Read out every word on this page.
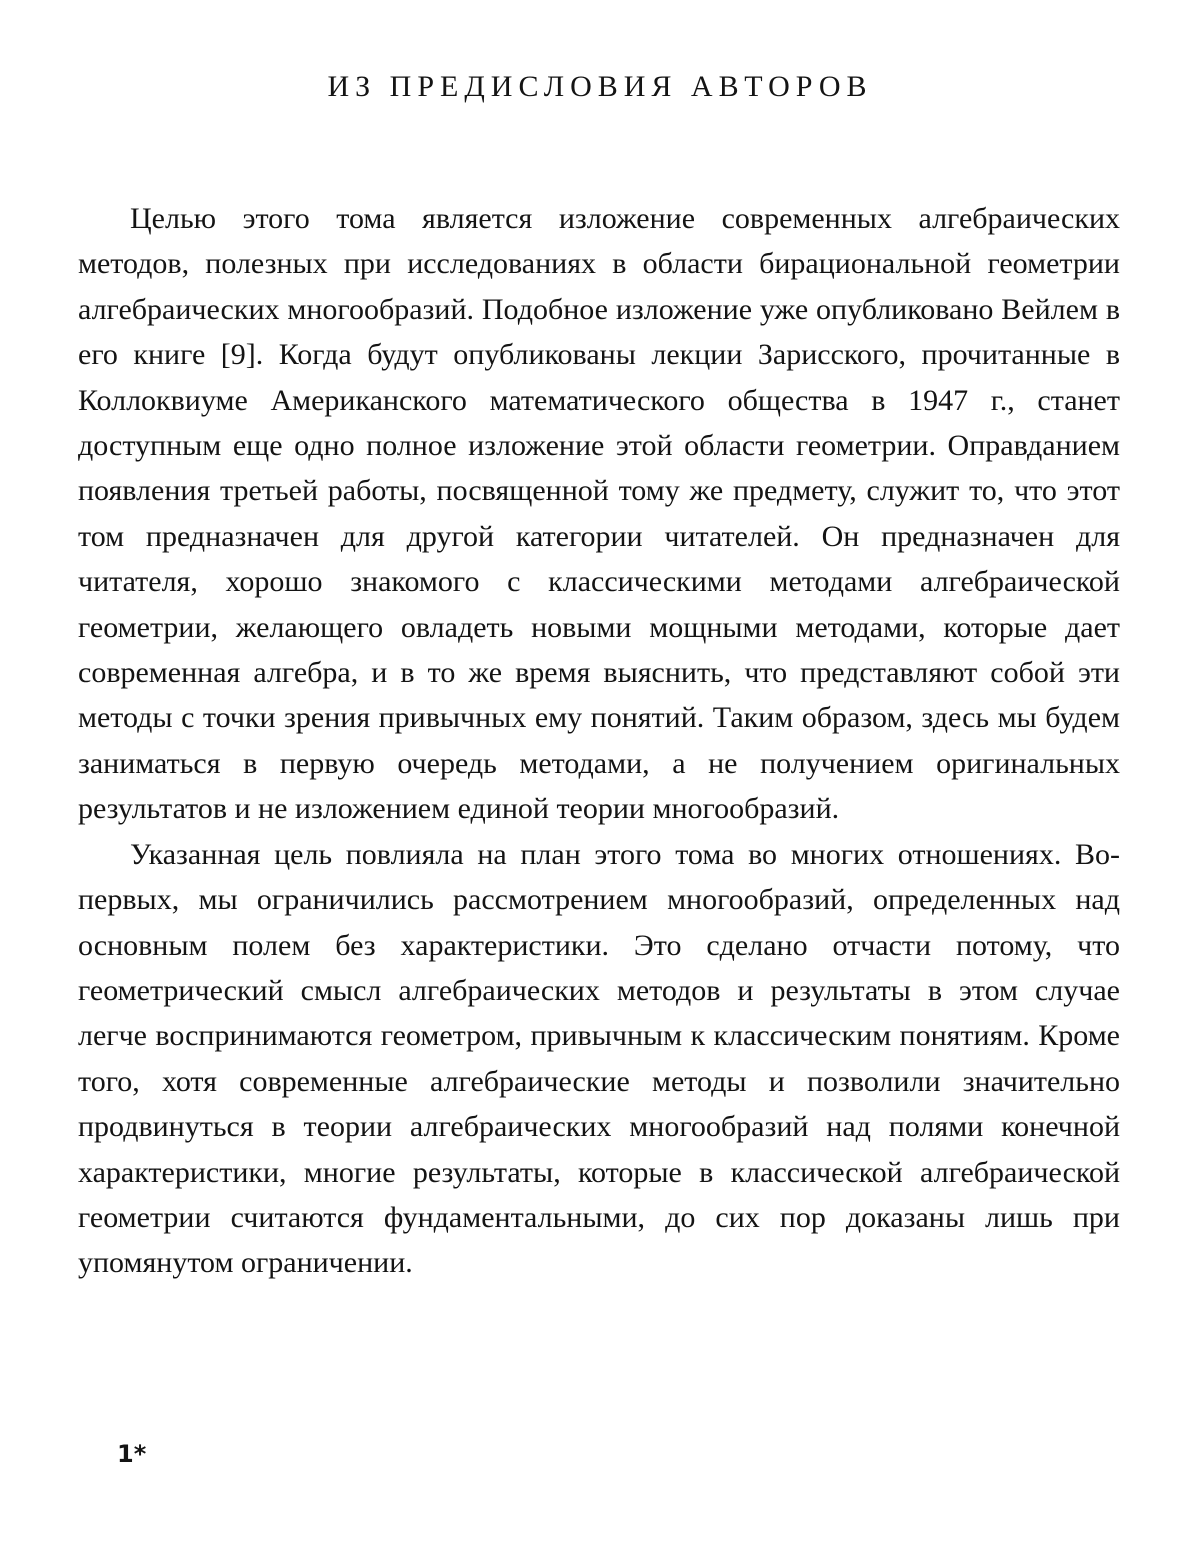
ИЗ ПРЕДИСЛОВИЯ АВТОРОВ

Целью этого тома является изложение современных алгебраических методов, полезных при исследованиях в области бирациональной геометрии алгебраических многообразий. Подобное изложение уже опубликовано Вейлем в его книге [9]. Когда будут опубликованы лекции Зарисского, прочитанные в Коллоквиуме Американского математического общества в 1947 г., станет доступным еще одно полное изложение этой области геометрии. Оправданием появления третьей работы, посвященной тому же предмету, служит то, что этот том предназначен для другой категории читателей. Он предназначен для читателя, хорошо знакомого с классическими методами алгебраической геометрии, желающего овладеть новыми мощными методами, которые дает современная алгебра, и в то же время выяснить, что представляют собой эти методы с точки зрения привычных ему понятий. Таким образом, здесь мы будем заниматься в первую очередь методами, а не получением оригинальных результатов и не изложением единой теории многообразий.

Указанная цель повлияла на план этого тома во многих отношениях. Во-первых, мы ограничились рассмотрением многообразий, определенных над основным полем без характеристики. Это сделано отчасти потому, что геометрический смысл алгебраических методов и результаты в этом случае легче воспринимаются геометром, привычным к классическим понятиям. Кроме того, хотя современные алгебраические методы и позволили значительно продвинуться в теории алгебраических многообразий над полями конечной характеристики, многие результаты, которые в классической алгебраической геометрии считаются фундаментальными, до сих пор доказаны лишь при упомянутом ограничении.

1*
